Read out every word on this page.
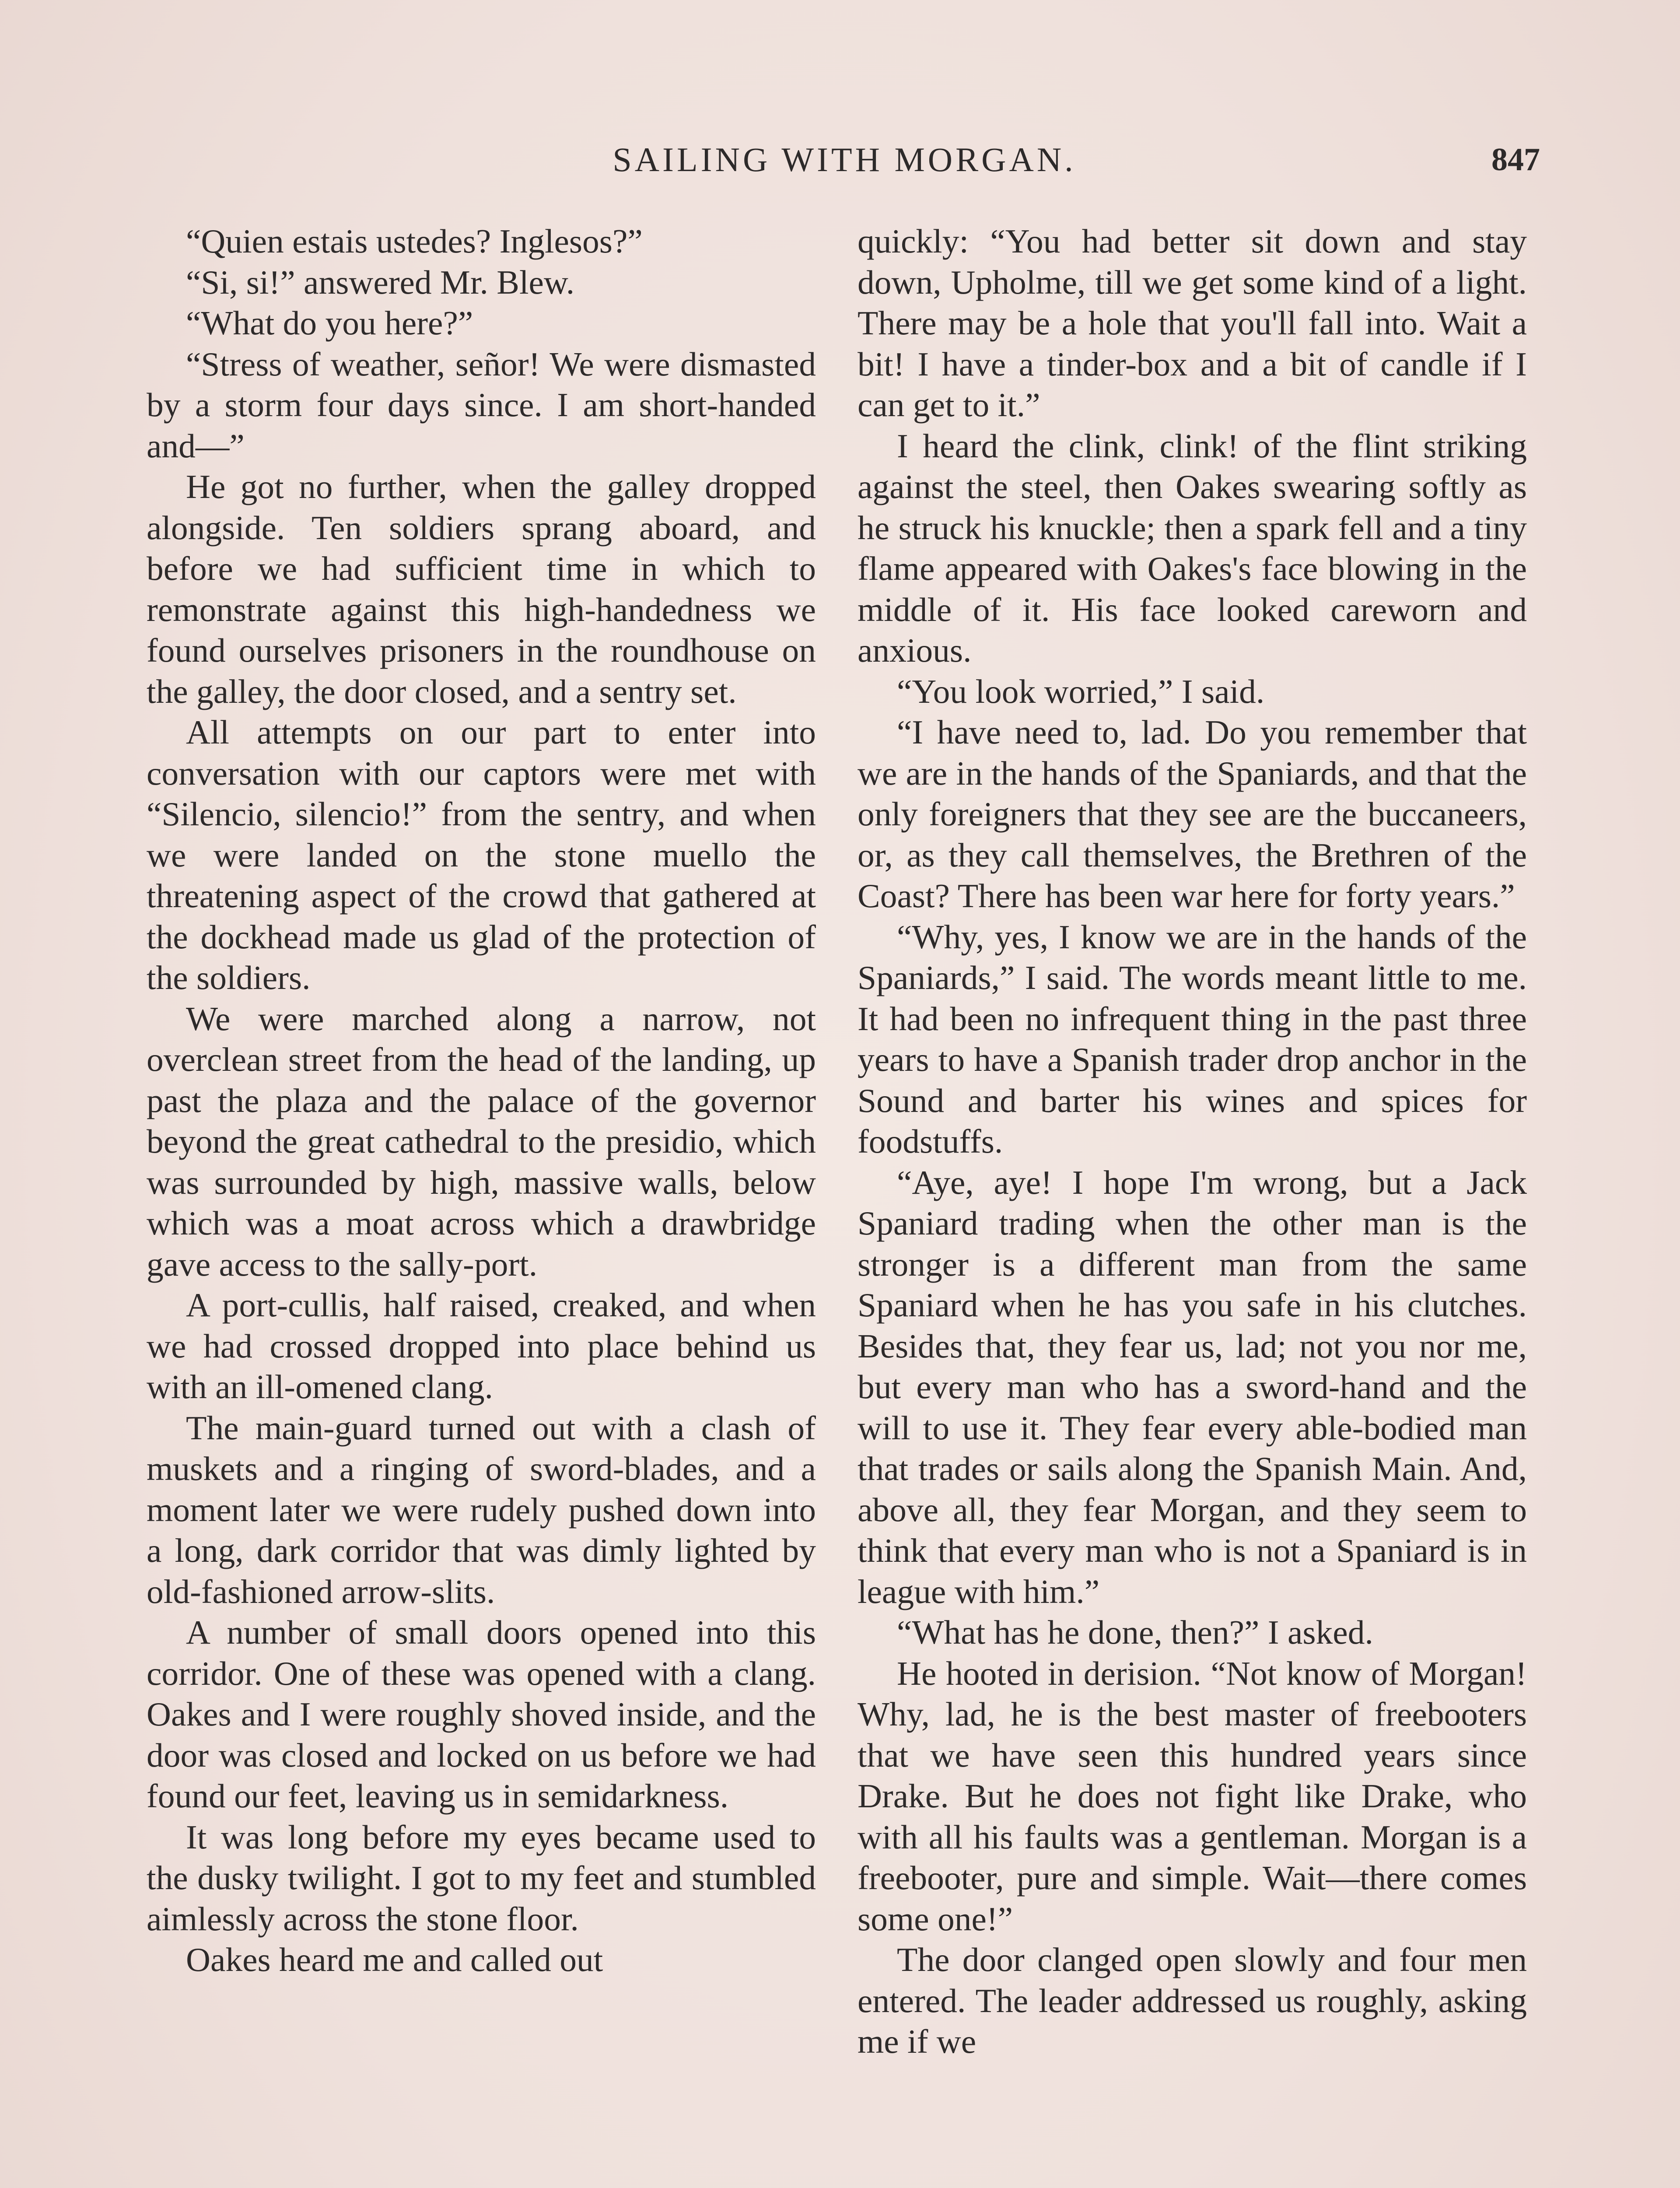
SAILING WITH MORGAN.	847

“Quien estais ustedes? Inglesos?”

“Si, si!” answered Mr. Blew.

“What do you here?”

“Stress of weather, señor! We were dismasted by a storm four days since. I am short-handed and—”

He got no further, when the galley dropped alongside. Ten soldiers sprang aboard, and before we had sufficient time in which to remonstrate against this high-handedness we found ourselves prisoners in the roundhouse on the galley, the door closed, and a sentry set.

All attempts on our part to enter into conversation with our captors were met with “Silencio, silencio!” from the sentry, and when we were landed on the stone muello the threatening aspect of the crowd that gathered at the dockhead made us glad of the protection of the soldiers.

We were marched along a narrow, not overclean street from the head of the landing, up past the plaza and the palace of the governor beyond the great cathedral to the presidio, which was surrounded by high, massive walls, below which was a moat across which a drawbridge gave access to the sally-port.

A port-cullis, half raised, creaked, and when we had crossed dropped into place behind us with an ill-omened clang.

The main-guard turned out with a clash of muskets and a ringing of sword-blades, and a moment later we were rudely pushed down into a long, dark corridor that was dimly lighted by old-fashioned arrow-slits.

A number of small doors opened into this corridor. One of these was opened with a clang. Oakes and I were roughly shoved inside, and the door was closed and locked on us before we had found our feet, leaving us in semidarkness.

It was long before my eyes became used to the dusky twilight. I got to my feet and stumbled aimlessly across the stone floor.

Oakes heard me and called out

quickly: “You had better sit down and stay down, Upholme, till we get some kind of a light. There may be a hole that you'll fall into. Wait a bit! I have a tinder-box and a bit of candle if I can get to it.”

I heard the clink, clink! of the flint striking against the steel, then Oakes swearing softly as he struck his knuckle; then a spark fell and a tiny flame appeared with Oakes's face blowing in the middle of it. His face looked careworn and anxious.

“You look worried,” I said.

“I have need to, lad. Do you remember that we are in the hands of the Spaniards, and that the only foreigners that they see are the buccaneers, or, as they call themselves, the Brethren of the Coast? There has been war here for forty years.”

“Why, yes, I know we are in the hands of the Spaniards,” I said. The words meant little to me. It had been no infrequent thing in the past three years to have a Spanish trader drop anchor in the Sound and barter his wines and spices for foodstuffs.

“Aye, aye! I hope I'm wrong, but a Jack Spaniard trading when the other man is the stronger is a different man from the same Spaniard when he has you safe in his clutches. Besides that, they fear us, lad; not you nor me, but every man who has a sword-hand and the will to use it. They fear every able-bodied man that trades or sails along the Spanish Main. And, above all, they fear Morgan, and they seem to think that every man who is not a Spaniard is in league with him.”

“What has he done, then?” I asked.

He hooted in derision. “Not know of Morgan! Why, lad, he is the best master of freebooters that we have seen this hundred years since Drake. But he does not fight like Drake, who with all his faults was a gentleman. Morgan is a freebooter, pure and simple. Wait—there comes some one!”

The door clanged open slowly and four men entered. The leader addressed us roughly, asking me if we
